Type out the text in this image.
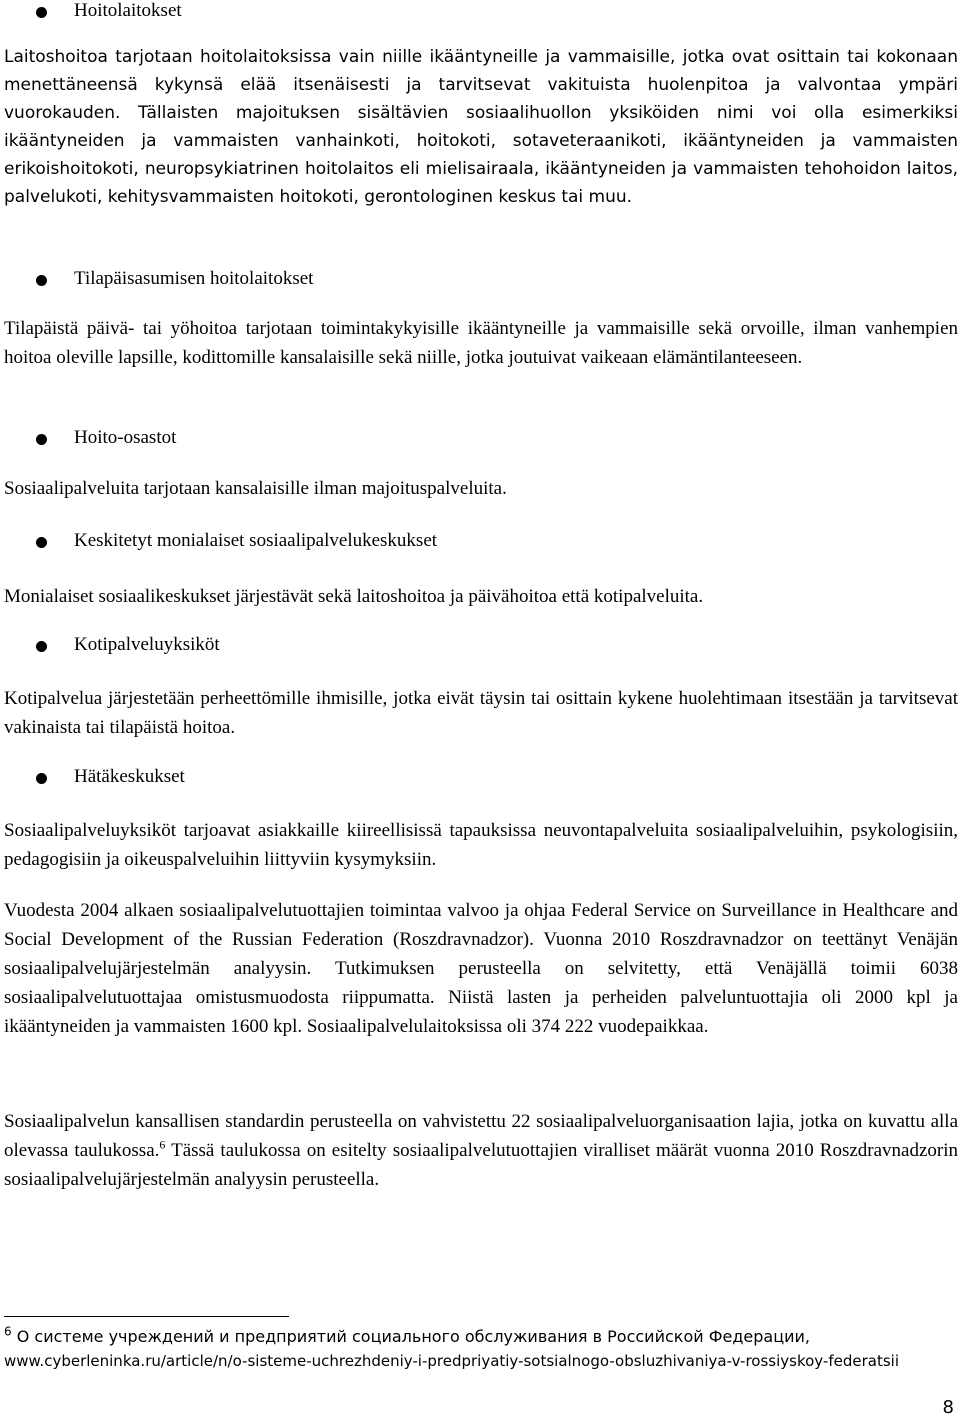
Hoitolaitokset
Laitoshoitoa tarjotaan hoitolaitoksissa vain niille ikääntyneille ja vammaisille, jotka ovat osittain tai kokonaan menettäneensä kykynsä elää itsenäisesti ja tarvitsevat vakituista huolenpitoa ja valvontaa ympäri vuorokauden. Tällaisten majoituksen sisältävien sosiaalihuollon yksiköiden nimi voi olla esimerkiksi ikääntyneiden ja vammaisten vanhainkoti, hoitokoti, sotaveteraanikoti, ikääntyneiden ja vammaisten erikoishoitokoti, neuropsykiatrinen hoitolaitos eli mielisairaala, ikääntyneiden ja vammaisten tehohoidon laitos, palvelukoti, kehitysvammaisten hoitokoti, gerontologinen keskus tai muu.
Tilapäisasumisen hoitolaitokset
Tilapäistä päivä- tai yöhoitoa tarjotaan toimintakykyisille ikääntyneille ja vammaisille sekä orvoille, ilman vanhempien hoitoa oleville lapsille, kodittomille kansalaisille sekä niille, jotka joutuivat vaikeaan elämäntilanteeseen.
Hoito-osastot
Sosiaalipalveluita tarjotaan kansalaisille ilman majoituspalveluita.
Keskitetyt monialaiset sosiaalipalvelukeskukset
Monialaiset sosiaalikeskukset järjestävät sekä laitoshoitoa ja päivähoitoa että kotipalveluita.
Kotipalveluyksiköt
Kotipalvelua järjestetään perheettömille ihmisille, jotka eivät täysin tai osittain kykene huolehtimaan itsestään ja tarvitsevat vakinaista tai tilapäistä hoitoa.
Hätäkeskukset
Sosiaalipalveluyksiköt tarjoavat asiakkaille kiireellisissä tapauksissa neuvontapalveluita sosiaalipalveluihin, psykologisiin, pedagogisiin ja oikeuspalveluihin liittyviin kysymyksiin.
Vuodesta 2004 alkaen sosiaalipalvelutuottajien toimintaa valvoo ja ohjaa Federal Service on Surveillance in Healthcare and Social Development of the Russian Federation (Roszdravnadzor). Vuonna 2010 Roszdravnadzor on teettänyt Venäjän sosiaalipalvelujärjestelmän analyysin. Tutkimuksen perusteella on selvitetty, että Venäjällä toimii 6038 sosiaalipalvelutuottajaa omistusmuodosta riippumatta. Niistä lasten ja perheiden palveluntuottajia oli 2000 kpl ja ikääntyneiden ja vammaisten 1600 kpl. Sosiaalipalvelulaitoksissa oli 374 222 vuodepaikkaa.
Sosiaalipalvelun kansallisen standardin perusteella on vahvistettu 22 sosiaalipalveluorganisaation lajia, jotka on kuvattu alla olevassa taulukossa.$^6$ Tässä taulukossa on esitelty sosiaalipalvelutuottajien viralliset määrät vuonna 2010 Roszdravnadzorin sosiaalipalvelujärjestelmän analyysin perusteella.
$^6$ О системе учреждений и предприятий социального обслуживания в Российской Федерации,
www.cyberleninka.ru/article/n/o-sisteme-uchrezhdeniy-i-predpriyatiy-sotsialnogo-obsluzhivaniya-v-rossiyskoy-federatsii
8
